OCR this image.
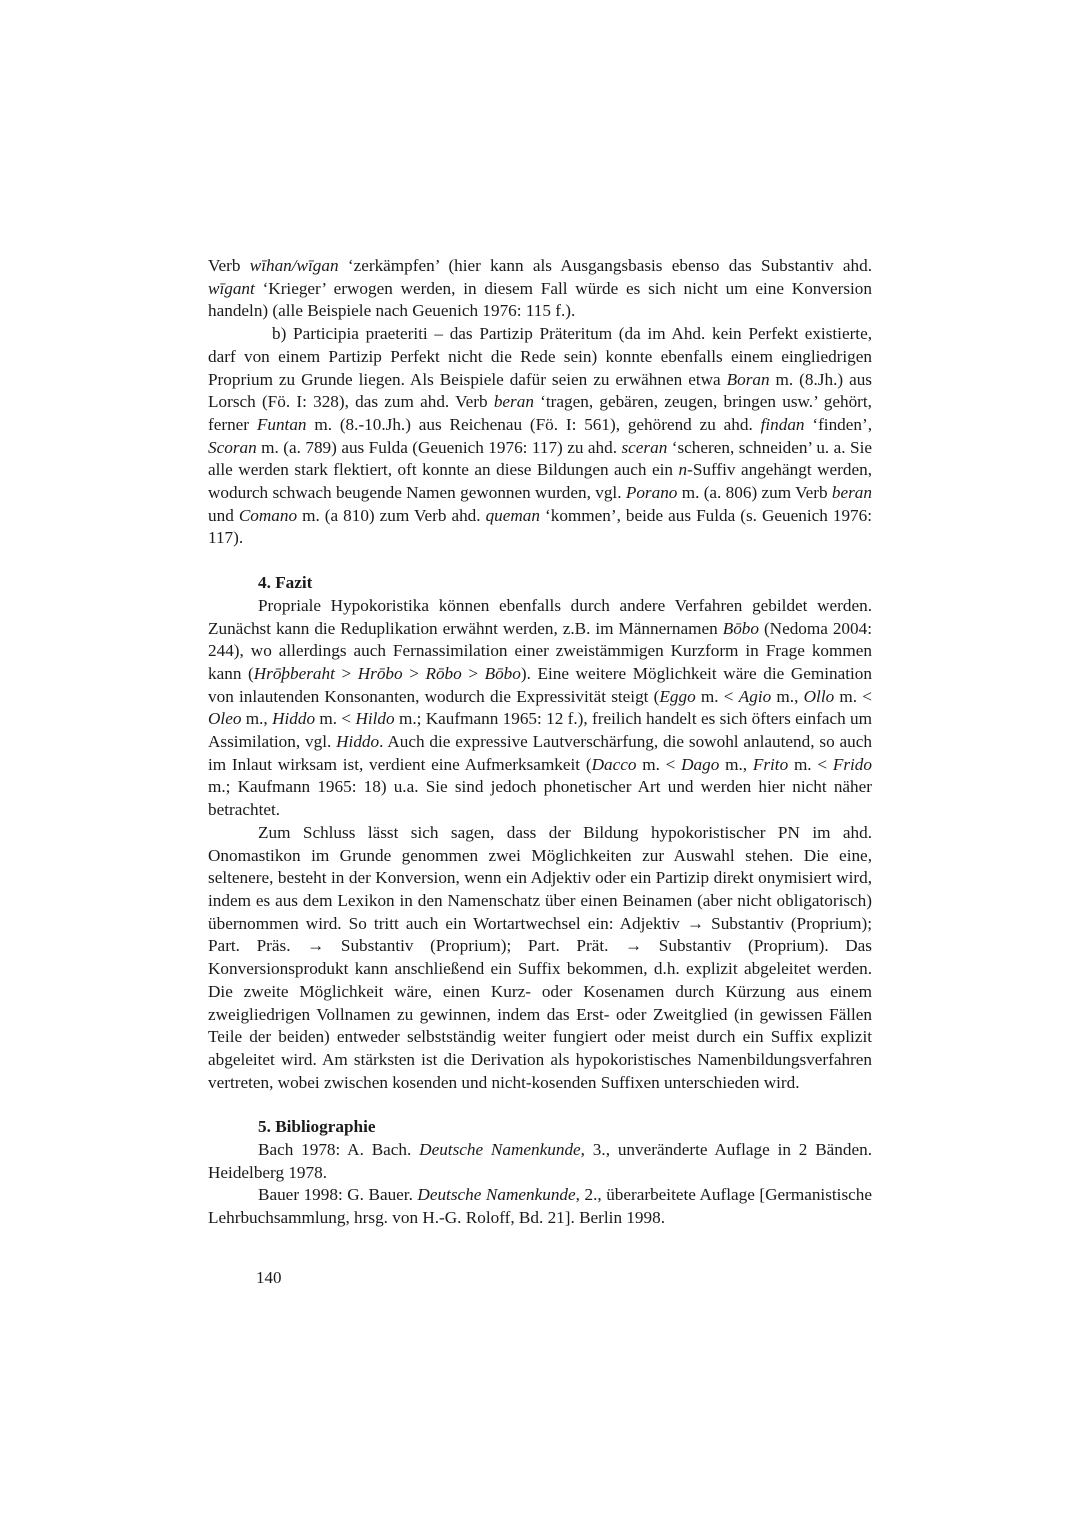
Verb wīhan/wīgan ‘zerkämpfen’ (hier kann als Ausgangsbasis ebenso das Substantiv ahd. wīgant ‘Krieger’ erwogen werden, in diesem Fall würde es sich nicht um eine Konversion handeln) (alle Beispiele nach Geuenich 1976: 115 f.).

b) Participia praeteriti – das Partizip Präteritum (da im Ahd. kein Perfekt existierte, darf von einem Partizip Perfekt nicht die Rede sein) konnte ebenfalls einem eingliedrigen Proprium zu Grunde liegen. Als Beispiele dafür seien zu erwähnen etwa Boran m. (8.Jh.) aus Lorsch (Fö. I: 328), das zum ahd. Verb beran ‘tragen, gebären, zeugen, bringen usw.’ gehört, ferner Funtan m. (8.-10.Jh.) aus Reichenau (Fö. I: 561), gehörend zu ahd. findan ‘finden’, Scoran m. (a. 789) aus Fulda (Geuenich 1976: 117) zu ahd. sceran ‘scheren, schneiden’ u. a. Sie alle werden stark flektiert, oft konnte an diese Bildungen auch ein n-Suffiv angehängt werden, wodurch schwach beugende Namen gewonnen wurden, vgl. Porano m. (a. 806) zum Verb beran und Comano m. (a 810) zum Verb ahd. queman ‘kommen’, beide aus Fulda (s. Geuenich 1976: 117).

4. Fazit

Propriale Hypokoristika können ebenfalls durch andere Verfahren gebildet werden. Zunächst kann die Reduplikation erwähnt werden, z.B. im Männernamen Bōbo (Nedoma 2004: 244), wo allerdings auch Fernassimilation einer zweistämmigen Kurzform in Frage kommen kann (Hrōþberaht > Hrōbo > Rōbo > Bōbo). Eine weitere Möglichkeit wäre die Gemination von inlautenden Konsonanten, wodurch die Expressivität steigt (Eggo m. < Agio m., Ollo m. < Oleo m., Hiddo m. < Hildo m.; Kaufmann 1965: 12 f.), freilich handelt es sich öfters einfach um Assimilation, vgl. Hiddo. Auch die expressive Lautverschärfung, die sowohl anlautend, so auch im Inlaut wirksam ist, verdient eine Aufmerksamkeit (Dacco m. < Dago m., Frito m. < Frido m.; Kaufmann 1965: 18) u.a. Sie sind jedoch phonetischer Art und werden hier nicht näher betrachtet.

Zum Schluss lässt sich sagen, dass der Bildung hypokoristischer PN im ahd. Onomastikon im Grunde genommen zwei Möglichkeiten zur Auswahl stehen. Die eine, seltenere, besteht in der Konversion, wenn ein Adjektiv oder ein Partizip direkt onymisiert wird, indem es aus dem Lexikon in den Namenschatz über einen Beinamen (aber nicht obligatorisch) übernommen wird. So tritt auch ein Wortartwechsel ein: Adjektiv → Substantiv (Proprium); Part. Präs. → Substantiv (Proprium); Part. Prät. → Substantiv (Proprium). Das Konversionsprodukt kann anschließend ein Suffix bekommen, d.h. explizit abgeleitet werden. Die zweite Möglichkeit wäre, einen Kurz- oder Kosenamen durch Kürzung aus einem zweigliedrigen Vollnamen zu gewinnen, indem das Erst- oder Zweitglied (in gewissen Fällen Teile der beiden) entweder selbstständig weiter fungiert oder meist durch ein Suffix explizit abgeleitet wird. Am stärksten ist die Derivation als hypokoristisches Namenbildungsverfahren vertreten, wobei zwischen kosenden und nicht-kosenden Suffixen unterschieden wird.

5. Bibliographie

Bach 1978: A. Bach. Deutsche Namenkunde, 3., unveränderte Auflage in 2 Bänden. Heidelberg 1978.

Bauer 1998: G. Bauer. Deutsche Namenkunde, 2., überarbeitete Auflage [Germanistische Lehrbuchsammlung, hrsg. von H.-G. Roloff, Bd. 21]. Berlin 1998.

140
